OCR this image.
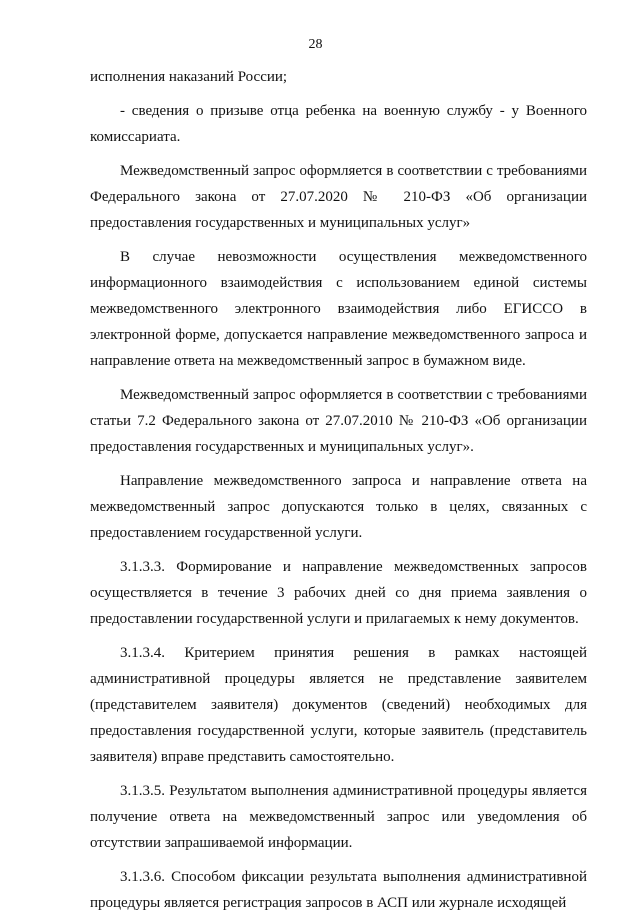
28

исполнения наказаний России;

- сведения о призыве отца ребенка на военную службу - у Военного комиссариата.

Межведомственный запрос оформляется в соответствии с требованиями Федерального закона от 27.07.2020 № 210-ФЗ «Об организации предоставления государственных и муниципальных услуг»

В случае невозможности осуществления межведомственного информационного взаимодействия с использованием единой системы межведомственного электронного взаимодействия либо ЕГИССО в электронной форме, допускается направление межведомственного запроса и направление ответа на межведомственный запрос в бумажном виде.

Межведомственный запрос оформляется в соответствии с требованиями статьи 7.2 Федерального закона от 27.07.2010 № 210-ФЗ «Об организации предоставления государственных и муниципальных услуг».

Направление межведомственного запроса и направление ответа на межведомственный запрос допускаются только в целях, связанных с предоставлением государственной услуги.

3.1.3.3. Формирование и направление межведомственных запросов осуществляется в течение 3 рабочих дней со дня приема заявления о предоставлении государственной услуги и прилагаемых к нему документов.

3.1.3.4. Критерием принятия решения в рамках настоящей административной процедуры является не представление заявителем (представителем заявителя) документов (сведений) необходимых для предоставления государственной услуги, которые заявитель (представитель заявителя) вправе представить самостоятельно.

3.1.3.5. Результатом выполнения административной процедуры является получение ответа на межведомственный запрос или уведомления об отсутствии запрашиваемой информации.

3.1.3.6. Способом фиксации результата выполнения административной процедуры является регистрация запросов в АСП или журнале исходящей
